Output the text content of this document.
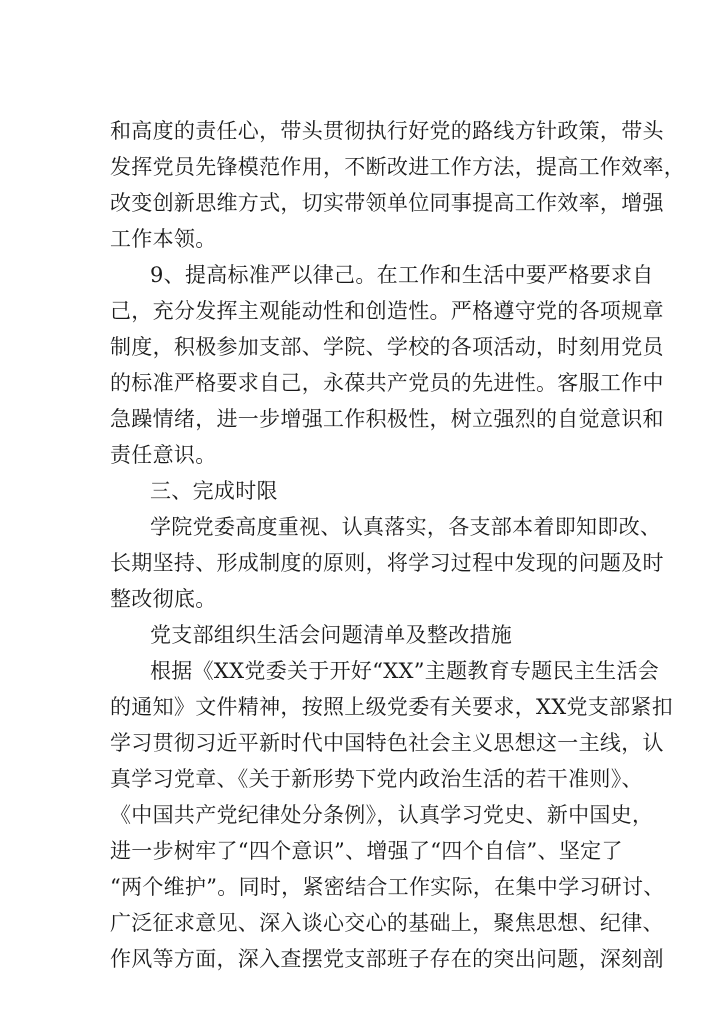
和高度的责任心，带头贯彻执行好党的路线方针政策，带头
发挥党员先锋模范作用，不断改进工作方法，提高工作效率，
改变创新思维方式，切实带领单位同事提高工作效率，增强
工作本领。
9、提高标准严以律己。在工作和生活中要严格要求自
己，充分发挥主观能动性和创造性。严格遵守党的各项规章
制度，积极参加支部、学院、学校的各项活动，时刻用党员
的标准严格要求自己，永葆共产党员的先进性。客服工作中
急躁情绪，进一步增强工作积极性，树立强烈的自觉意识和
责任意识。
三、完成时限
学院党委高度重视、认真落实，各支部本着即知即改、
长期坚持、形成制度的原则，将学习过程中发现的问题及时
整改彻底。
党支部组织生活会问题清单及整改措施
根据《XX党委关于开好“XX”主题教育专题民主生活会
的通知》文件精神，按照上级党委有关要求，XX党支部紧扣
学习贯彻习近平新时代中国特色社会主义思想这一主线，认
真学习党章、《关于新形势下党内政治生活的若干准则》、
《中国共产党纪律处分条例》，认真学习党史、新中国史，
进一步树牢了“四个意识”、增强了“四个自信”、坚定了
“两个维护”。同时，紧密结合工作实际，在集中学习研讨、
广泛征求意见、深入谈心交心的基础上，聚焦思想、纪律、
作风等方面，深入查摆党支部班子存在的突出问题，深刻剖
